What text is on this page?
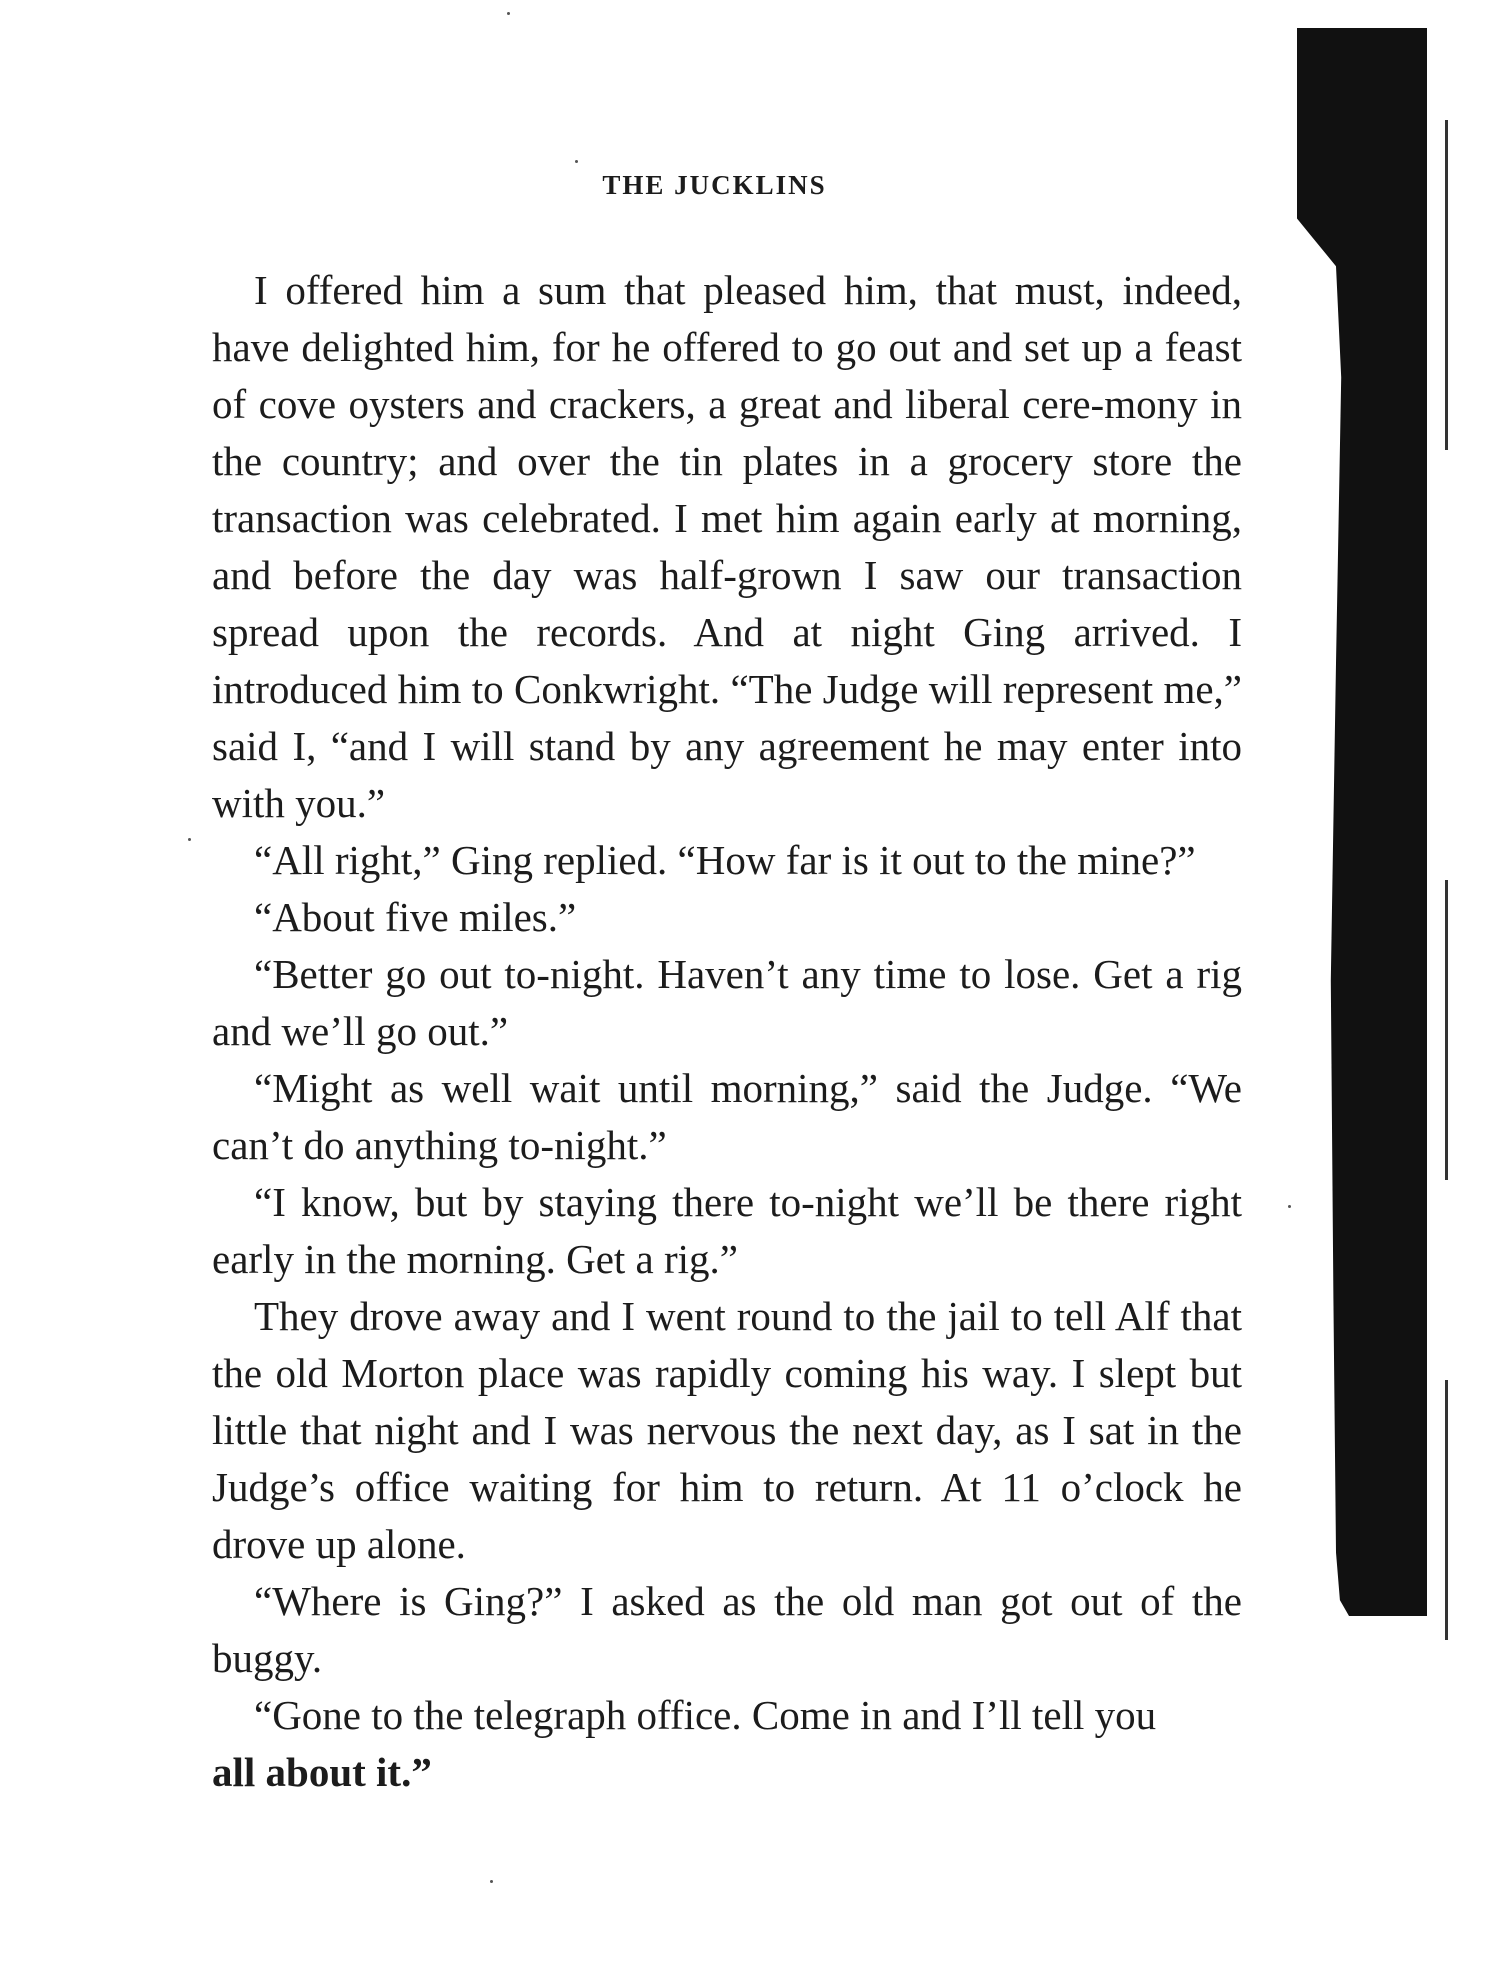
THE JUCKLINS

I offered him a sum that pleased him, that must, indeed, have delighted him, for he offered to go out and set up a feast of cove oysters and crackers, a great and liberal cere-mony in the country; and over the tin plates in a grocery store the transaction was celebrated. I met him again early at morning, and before the day was half-grown I saw our transaction spread upon the records. And at night Ging arrived. I introduced him to Conkwright. “The Judge will represent me,” said I, “and I will stand by any agreement he may enter into with you.”

“All right,” Ging replied. “How far is it out to the mine?”

“About five miles.”

“Better go out to-night. Haven’t any time to lose. Get a rig and we’ll go out.”

“Might as well wait until morning,” said the Judge. “We can’t do anything to-night.”

“I know, but by staying there to-night we’ll be there right early in the morning. Get a rig.”

They drove away and I went round to the jail to tell Alf that the old Morton place was rapidly coming his way. I slept but little that night and I was nervous the next day, as I sat in the Judge’s office waiting for him to return. At 11 o’clock he drove up alone.

“Where is Ging?” I asked as the old man got out of the buggy.

“Gone to the telegraph office. Come in and I’ll tell you
all about it.”
